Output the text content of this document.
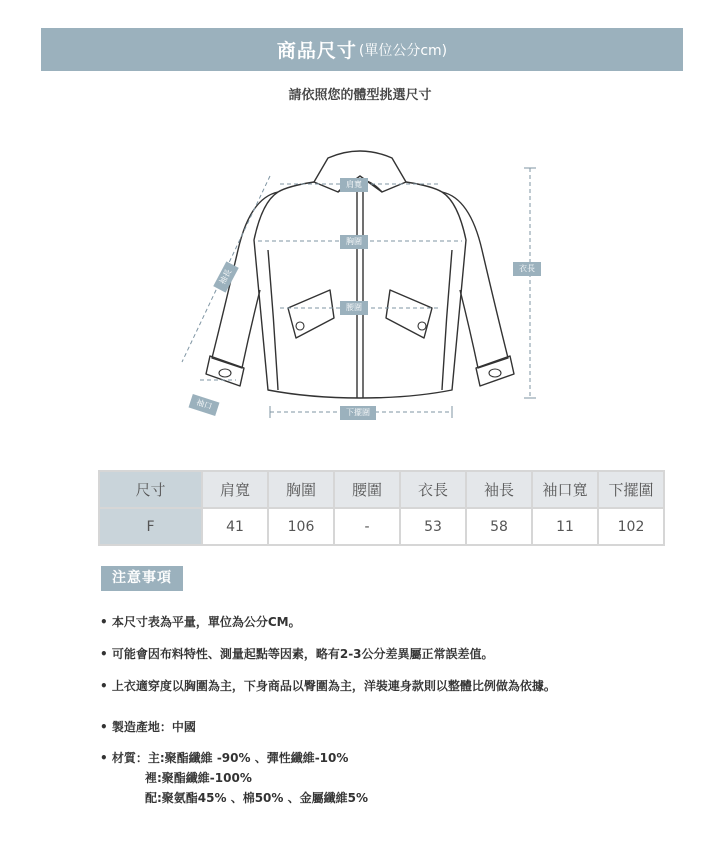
商品尺寸 (單位公分cm)
請依照您的體型挑選尺寸
肩寬
胸圍
腰圍
衣長
袖長
袖口
下擺圍
尺寸	肩寬	胸圍	腰圍	衣長	袖長	袖口寬	下擺圍
F	41	106	-	53	58	11	102
注意事項
• 本尺寸表為平量，單位為公分CM。
• 可能會因布料特性、測量起點等因素，略有2-3公分差異屬正常誤差值。
• 上衣適穿度以胸圍為主，下身商品以臀圍為主，洋裝連身款則以整體比例做為依據。
• 製造產地：中國
• 材質：主:聚酯纖維 -90% 、彈性纖維-10%
裡:聚酯纖維-100%
配:聚氨酯45% 、棉50% 、金屬纖維5%
